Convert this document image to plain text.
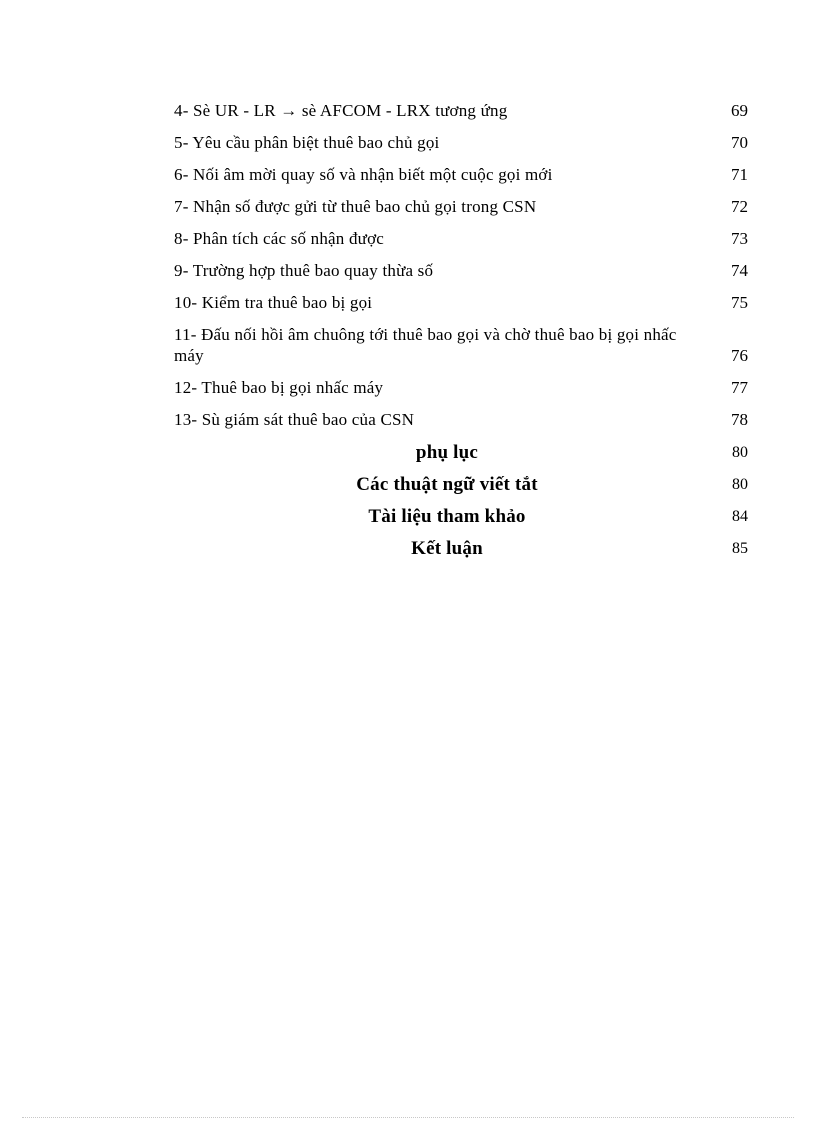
4- Sè UR - LR → sè AFCOM - LRX tương ứng	69
5- Yêu cầu phân biệt thuê bao chủ gọi	70
6- Nối âm mời quay số và nhận biết một cuộc gọi mới	71
7- Nhận số được gửi từ thuê bao chủ gọi trong CSN	72
8- Phân tích các số nhận được	73
9- Trường hợp thuê bao quay thừa số	74
10- Kiểm tra thuê bao bị gọi	75
11- Đấu nối hồi âm chuông tới thuê bao gọi và chờ thuê bao bị gọi nhấc máy	76
12- Thuê bao bị gọi nhấc máy	77
13- Sù giám sát thuê bao của CSN	78
phụ lục	80
Các thuật ngữ viết tắt	80
Tài liệu tham khảo	84
Kết luận	85
